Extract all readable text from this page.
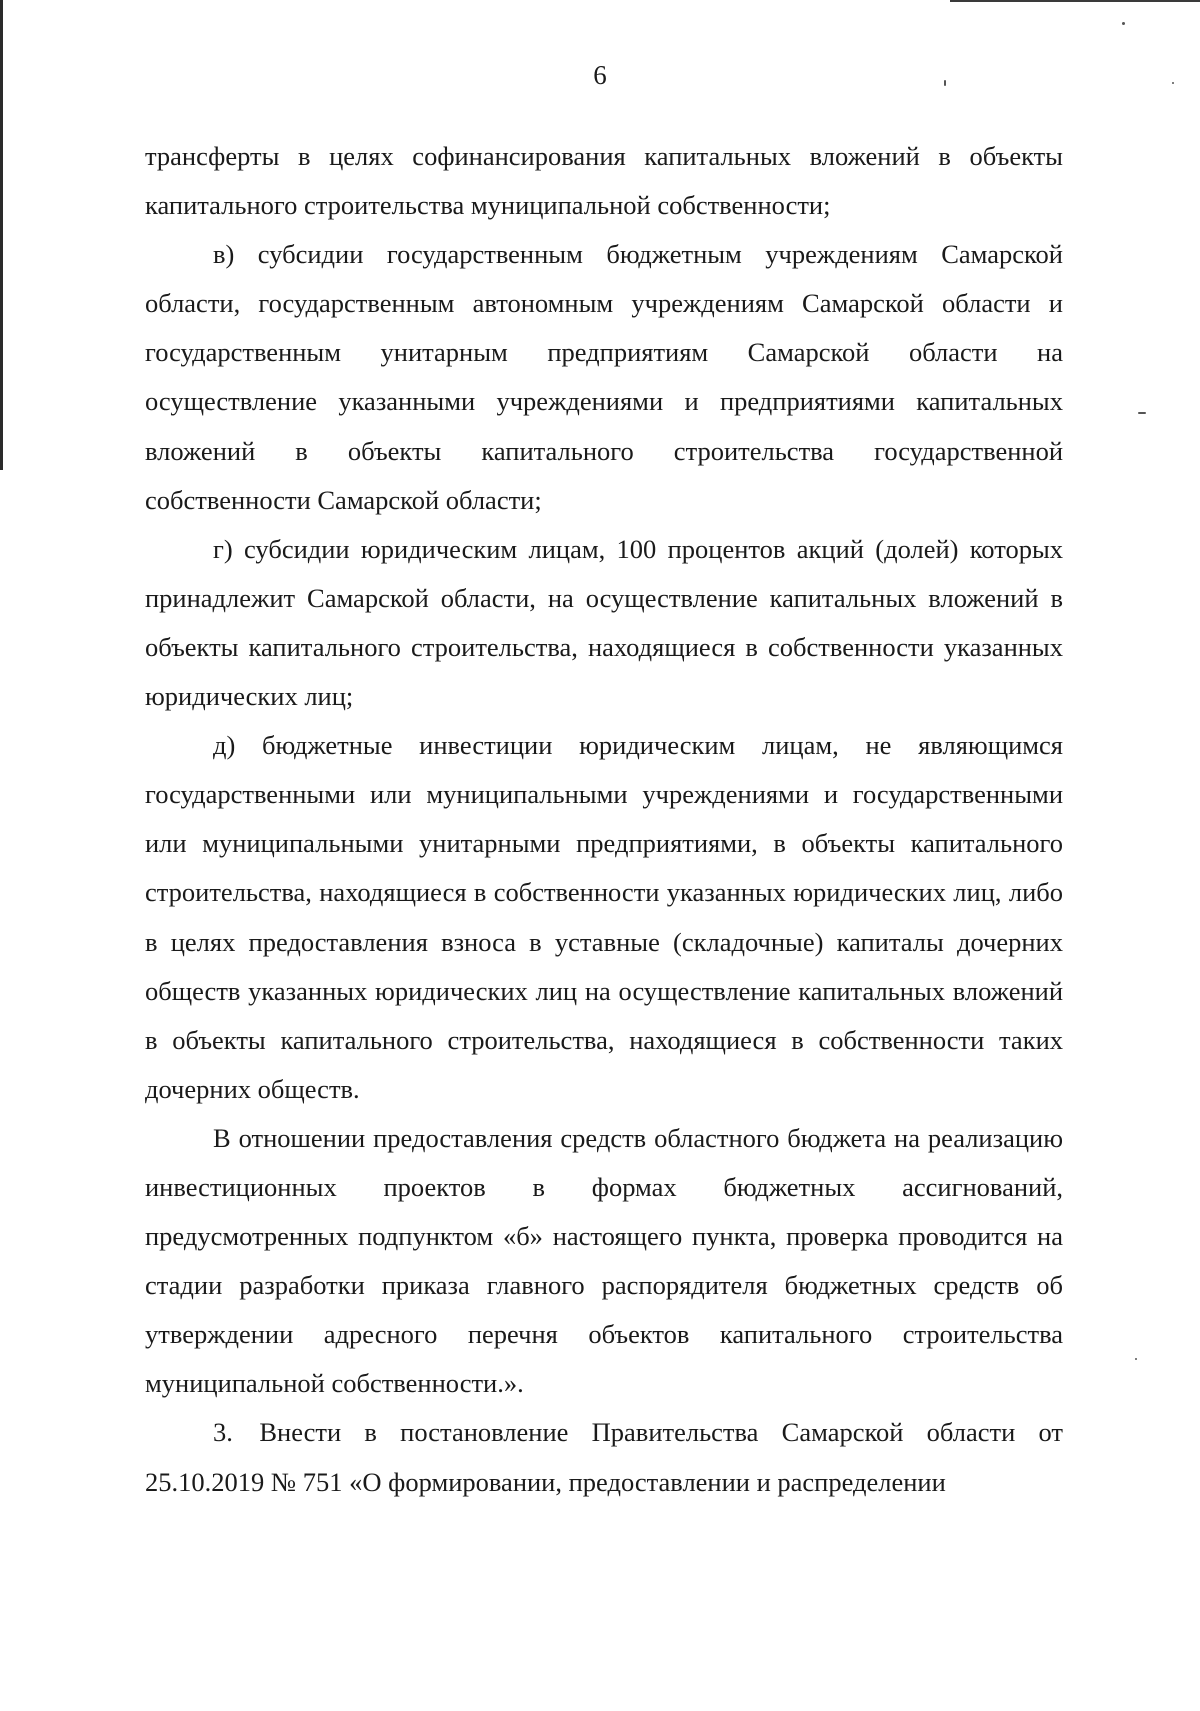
6

трансферты в целях софинансирования капитальных вложений в объекты капитального строительства муниципальной собственности;

в) субсидии государственным бюджетным учреждениям Самарской области, государственным автономным учреждениям Самарской области и государственным унитарным предприятиям Самарской области на осуществление указанными учреждениями и предприятиями капитальных вложений в объекты капитального строительства государственной собственности Самарской области;

г) субсидии юридическим лицам, 100 процентов акций (долей) которых принадлежит Самарской области, на осуществление капитальных вложений в объекты капитального строительства, находящиеся в собственности указанных юридических лиц;

д) бюджетные инвестиции юридическим лицам, не являющимся государственными или муниципальными учреждениями и государственными или муниципальными унитарными предприятиями, в объекты капитального строительства, находящиеся в собственности указанных юридических лиц, либо в целях предоставления взноса в уставные (складочные) капиталы дочерних обществ указанных юридических лиц на осуществление капитальных вложений в объекты капитального строительства, находящиеся в собственности таких дочерних обществ.

В отношении предоставления средств областного бюджета на реализацию инвестиционных проектов в формах бюджетных ассигнований, предусмотренных подпунктом «б» настоящего пункта, проверка проводится на стадии разработки приказа главного распорядителя бюджетных средств об утверждении адресного перечня объектов капитального строительства муниципальной собственности.».

3. Внести в постановление Правительства Самарской области от 25.10.2019 № 751 «О формировании, предоставлении и распределении
